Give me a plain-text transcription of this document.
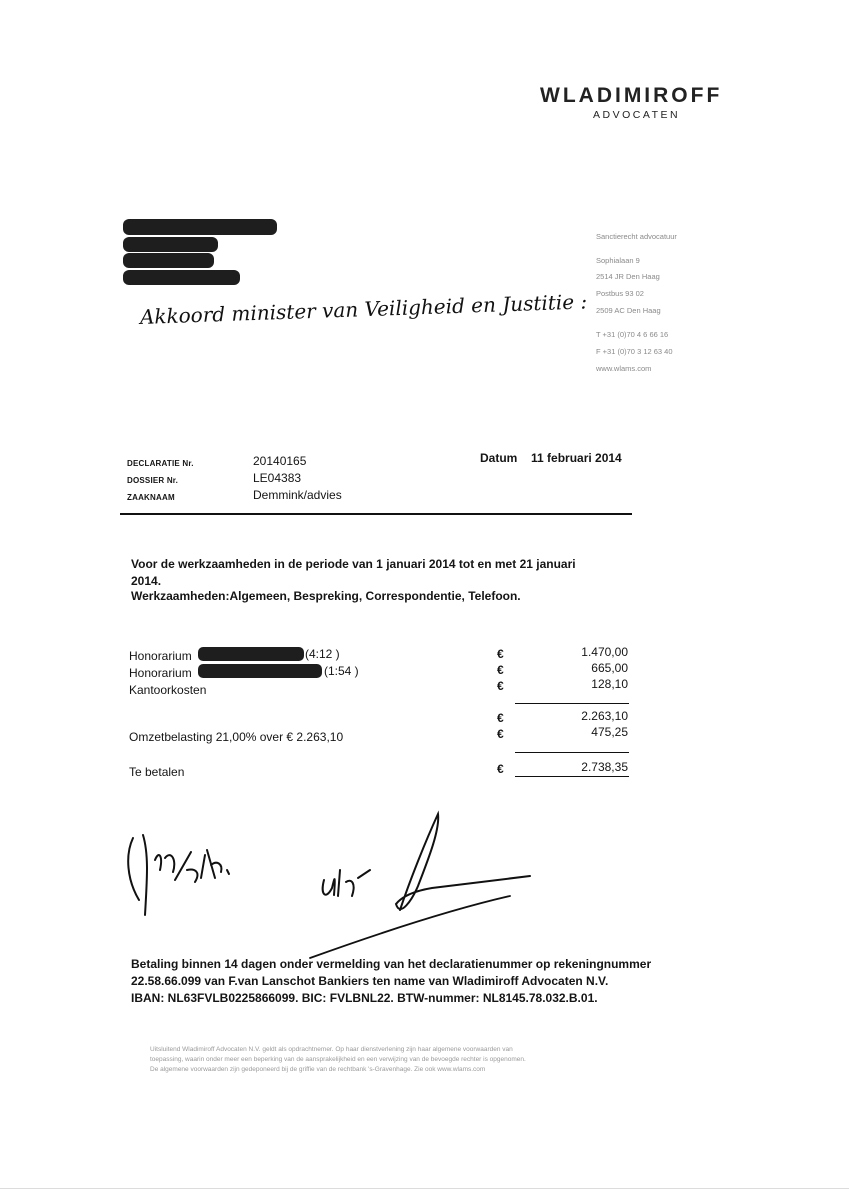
WLADIMIROFF
ADVOCATEN
Akkoord minister van Veiligheid en Justitie :
Sanctierecht advocatuur
Sophialaan 9
2514 JR Den Haag
Postbus 93 02
2509 AC Den Haag
T +31 (0)70 4 6 66 16
F +31 (0)70 3 12 63 40
www.wlams.com
DECLARATIE Nr.	20140165
DOSSIER Nr.	LE04383
ZAAKNAAM	Demmink/advies
Datum 11 februari 2014
Voor de werkzaamheden in de periode van 1 januari 2014 tot en met 21 januari
2014.
Werkzaamheden:Algemeen, Bespreking, Correspondentie, Telefoon.
Honorarium	(4:12 )	€	1.470,00
Honorarium	(1:54 )	€	665,00
Kantoorkosten	€	128,10
€	2.263,10
Omzetbelasting 21,00% over € 2.263,10	€	475,25
Te betalen	€	2.738,35
Betaling binnen 14 dagen onder vermelding van het declaratienummer op rekeningnummer
22.58.66.099 van F.van Lanschot Bankiers ten name van Wladimiroff Advocaten N.V.
IBAN: NL63FVLB0225866099. BIC: FVLBNL22. BTW-nummer: NL8145.78.032.B.01.
Uitsluitend Wladimiroff Advocaten N.V. geldt als opdrachtnemer. Op haar dienstverlening zijn haar algemene voorwaarden van
toepassing, waarin onder meer een beperking van de aansprakelijkheid en een verwijzing van de bevoegde rechter is opgenomen.
De algemene voorwaarden zijn gedeponeerd bij de griffie van de rechtbank 's-Gravenhage. Zie ook www.wlams.com
